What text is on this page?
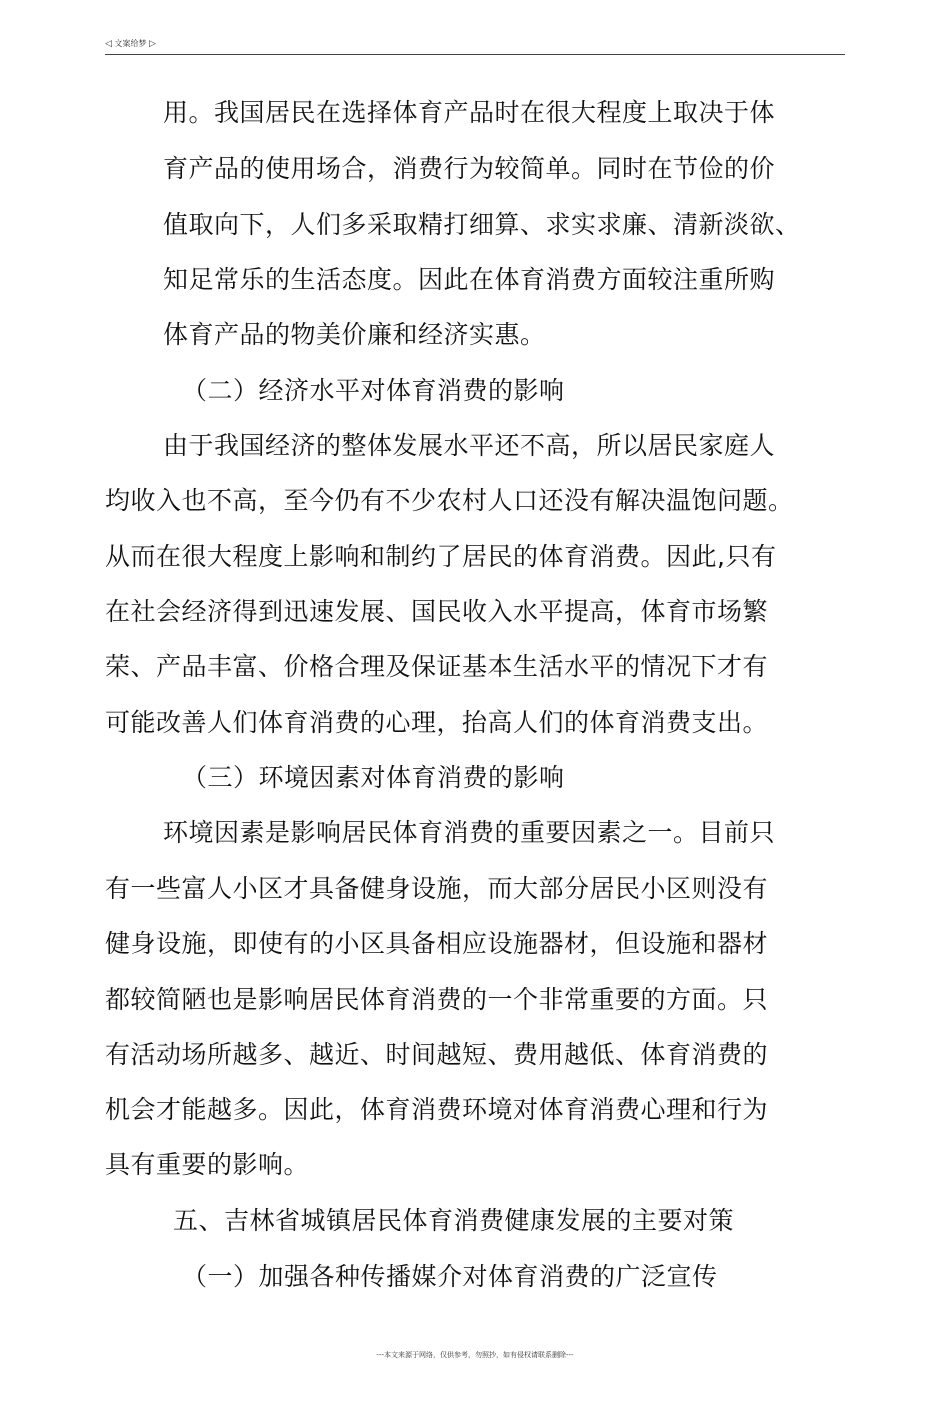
◁ 文案给梦 ▷
用。我国居民在选择体育产品时在很大程度上取决于体
育产品的使用场合，消费行为较简单。同时在节俭的价
值取向下，人们多采取精打细算、求实求廉、清新淡欲、
知足常乐的生活态度。因此在体育消费方面较注重所购
体育产品的物美价廉和经济实惠。
（二）经济水平对体育消费的影响
由于我国经济的整体发展水平还不高，所以居民家庭人
均收入也不高，至今仍有不少农村人口还没有解决温饱问题。
从而在很大程度上影响和制约了居民的体育消费。因此,只有
在社会经济得到迅速发展、国民收入水平提高，体育市场繁
荣、产品丰富、价格合理及保证基本生活水平的情况下才有
可能改善人们体育消费的心理，抬高人们的体育消费支出。
（三）环境因素对体育消费的影响
环境因素是影响居民体育消费的重要因素之一。目前只
有一些富人小区才具备健身设施，而大部分居民小区则没有
健身设施，即使有的小区具备相应设施器材，但设施和器材
都较简陋也是影响居民体育消费的一个非常重要的方面。只
有活动场所越多、越近、时间越短、费用越低、体育消费的
机会才能越多。因此，体育消费环境对体育消费心理和行为
具有重要的影响。
五、吉林省城镇居民体育消费健康发展的主要对策
（一）加强各种传播媒介对体育消费的广泛宣传
---本文来源于网络，仅供参考，勿照抄，如有侵权请联系删除---
